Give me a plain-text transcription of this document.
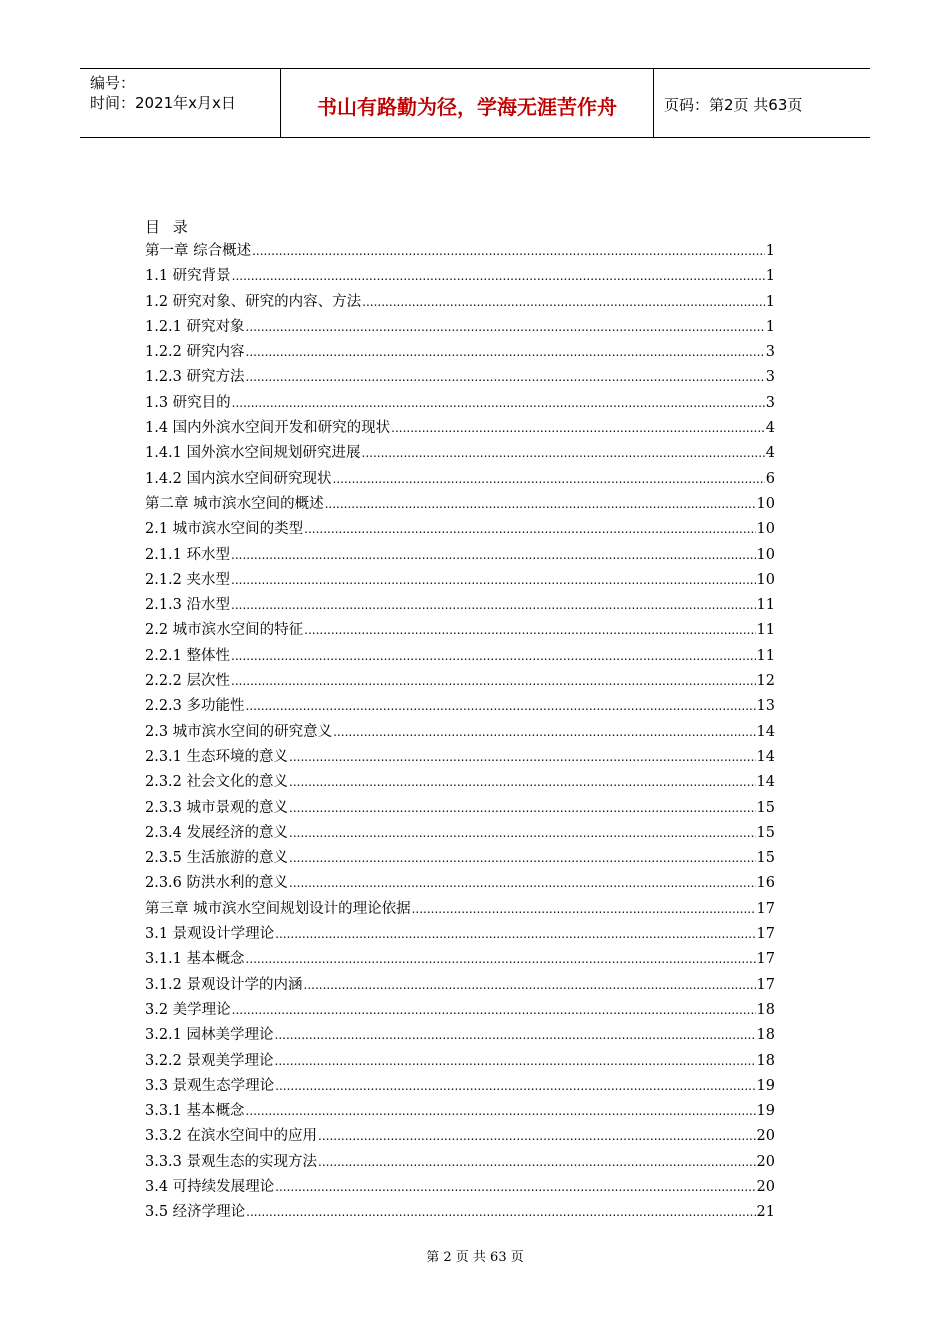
编号：
时间：2021年x月x日	书山有路勤为径，学海无涯苦作舟	页码：第2页 共63页
目 录
第一章 综合概述 .....	1
1.1 研究背景 .....	1
1.2 研究对象、研究的内容、方法 .....	1
1.2.1 研究对象 .....	1
1.2.2 研究内容 .....	3
1.2.3 研究方法 .....	3
1.3 研究目的 .....	3
1.4 国内外滨水空间开发和研究的现状 .....	4
1.4.1 国外滨水空间规划研究进展 .....	4
1.4.2 国内滨水空间研究现状 .....	6
第二章 城市滨水空间的概述 .....	10
2.1 城市滨水空间的类型 .....	10
2.1.1 环水型 .....	10
2.1.2 夹水型 .....	10
2.1.3 沿水型 .....	11
2.2 城市滨水空间的特征 .....	11
2.2.1 整体性 .....	11
2.2.2 层次性 .....	12
2.2.3 多功能性 .....	13
2.3 城市滨水空间的研究意义 .....	14
2.3.1 生态环境的意义 .....	14
2.3.2 社会文化的意义 .....	14
2.3.3 城市景观的意义 .....	15
2.3.4 发展经济的意义 .....	15
2.3.5 生活旅游的意义 .....	15
2.3.6 防洪水利的意义 .....	16
第三章 城市滨水空间规划设计的理论依据 .....	17
3.1 景观设计学理论 .....	17
3.1.1 基本概念 .....	17
3.1.2 景观设计学的内涵 .....	17
3.2 美学理论 .....	18
3.2.1 园林美学理论 .....	18
3.2.2 景观美学理论 .....	18
3.3 景观生态学理论 .....	19
3.3.1 基本概念 .....	19
3.3.2 在滨水空间中的应用 .....	20
3.3.3 景观生态的实现方法 .....	20
3.4 可持续发展理论 .....	20
3.5 经济学理论 .....	21
第 2 页 共 63 页
